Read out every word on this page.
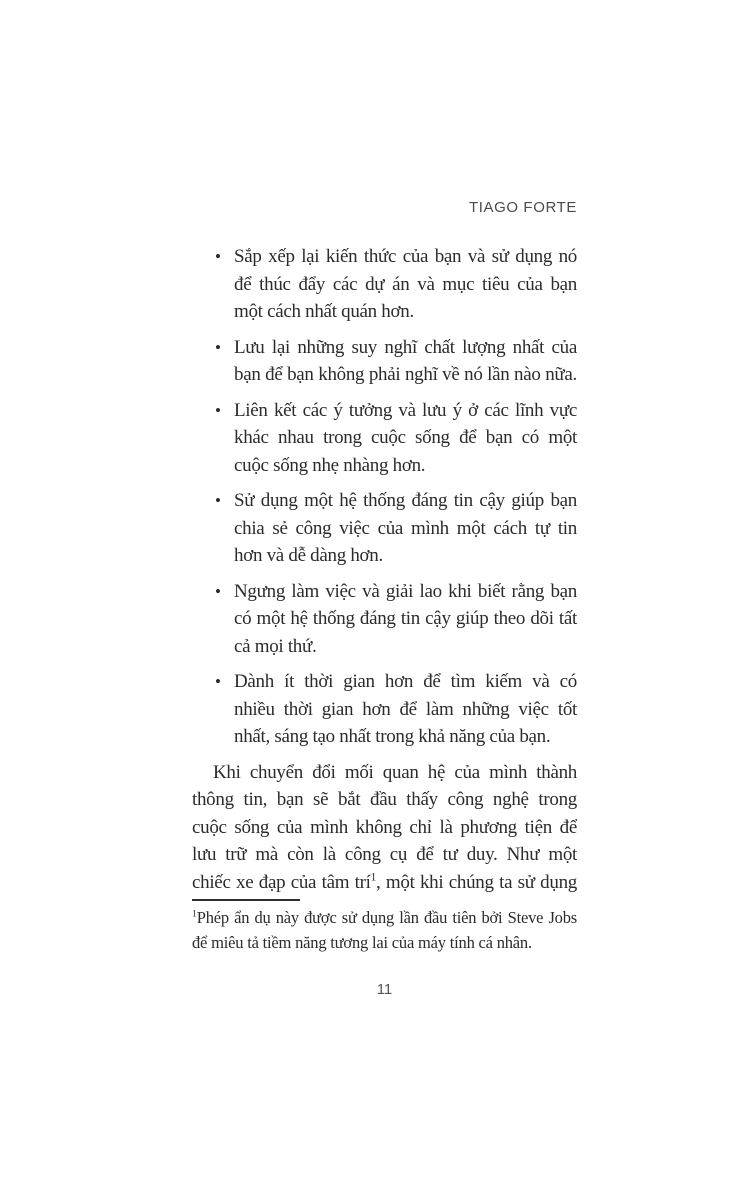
TIAGO FORTE
• Sắp xếp lại kiến thức của bạn và sử dụng nó
để thúc đẩy các dự án và mục tiêu của bạn
một cách nhất quán hơn.
• Lưu lại những suy nghĩ chất lượng nhất của
bạn để bạn không phải nghĩ về nó lần nào nữa.
• Liên kết các ý tưởng và lưu ý ở các lĩnh vực
khác nhau trong cuộc sống để bạn có một
cuộc sống nhẹ nhàng hơn.
• Sử dụng một hệ thống đáng tin cậy giúp bạn
chia sẻ công việc của mình một cách tự tin
hơn và dễ dàng hơn.
• Ngưng làm việc và giải lao khi biết rằng bạn
có một hệ thống đáng tin cậy giúp theo dõi tất
cả mọi thứ.
• Dành ít thời gian hơn để tìm kiếm và có
nhiều thời gian hơn để làm những việc tốt
nhất, sáng tạo nhất trong khả năng của bạn.
Khi chuyển đổi mối quan hệ của mình thành
thông tin, bạn sẽ bắt đầu thấy công nghệ trong
cuộc sống của mình không chỉ là phương tiện để
lưu trữ mà còn là công cụ để tư duy. Như một
chiếc xe đạp của tâm trí$^1$, một khi chúng ta sử dụng
$^1$Phép ẩn dụ này được sử dụng lần đầu tiên bởi Steve Jobs
để miêu tả tiềm năng tương lai của máy tính cá nhân.
11
